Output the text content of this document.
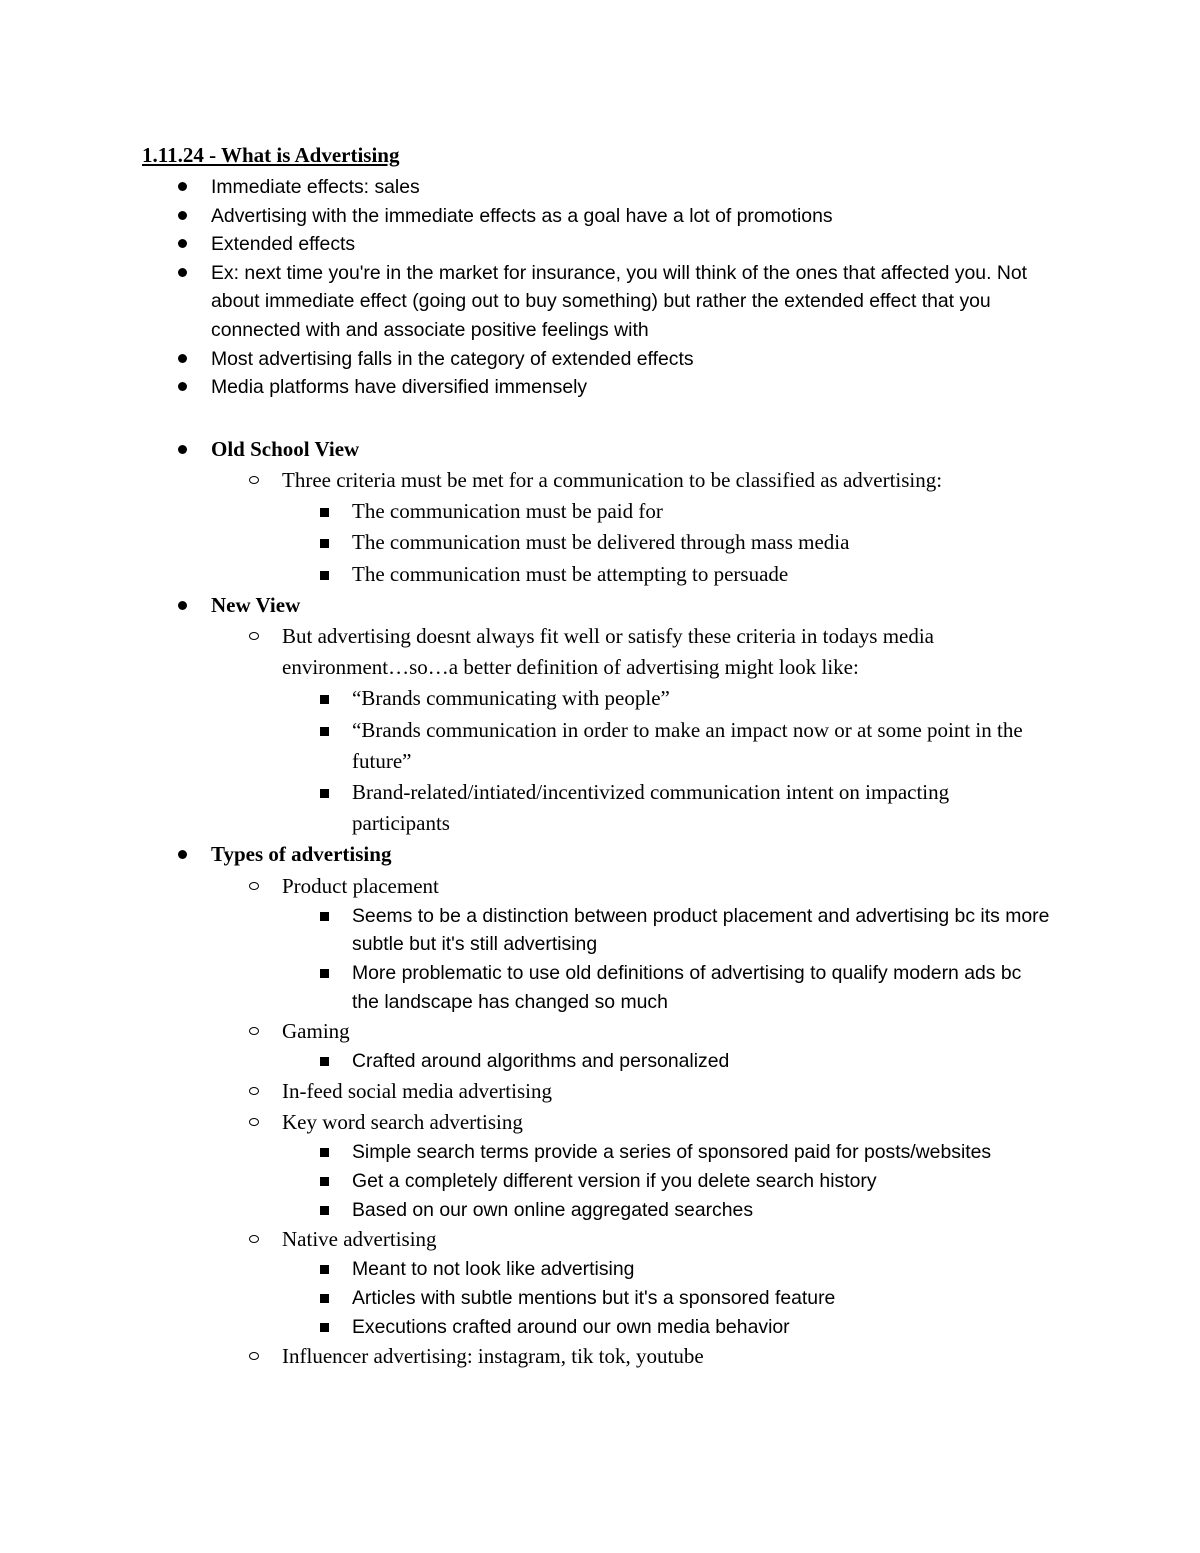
1.11.24 - What is Advertising
Immediate effects: sales
Advertising with the immediate effects as a goal have a lot of promotions
Extended effects
Ex: next time you're in the market for insurance, you will think of the ones that affected you. Not about immediate effect (going out to buy something) but rather the extended effect that you connected with and associate positive feelings with
Most advertising falls in the category of extended effects
Media platforms have diversified immensely
Old School View
Three criteria must be met for a communication to be classified as advertising:
The communication must be paid for
The communication must be delivered through mass media
The communication must be attempting to persuade
New View
But advertising doesnt always fit well or satisfy these criteria in todays media environment…so…a better definition of advertising might look like:
“Brands communicating with people”
“Brands communication in order to make an impact now or at some point in the future”
Brand-related/intiated/incentivized communication intent on impacting participants
Types of advertising
Product placement
Seems to be a distinction between product placement and advertising bc its more subtle but it's still advertising
More problematic to use old definitions of advertising to qualify modern ads bc the landscape has changed so much
Gaming
Crafted around algorithms and personalized
In-feed social media advertising
Key word search advertising
Simple search terms provide a series of sponsored paid for posts/websites
Get a completely different version if you delete search history
Based on our own online aggregated searches
Native advertising
Meant to not look like advertising
Articles with subtle mentions but it's a sponsored feature
Executions crafted around our own media behavior
Influencer advertising: instagram, tik tok, youtube
